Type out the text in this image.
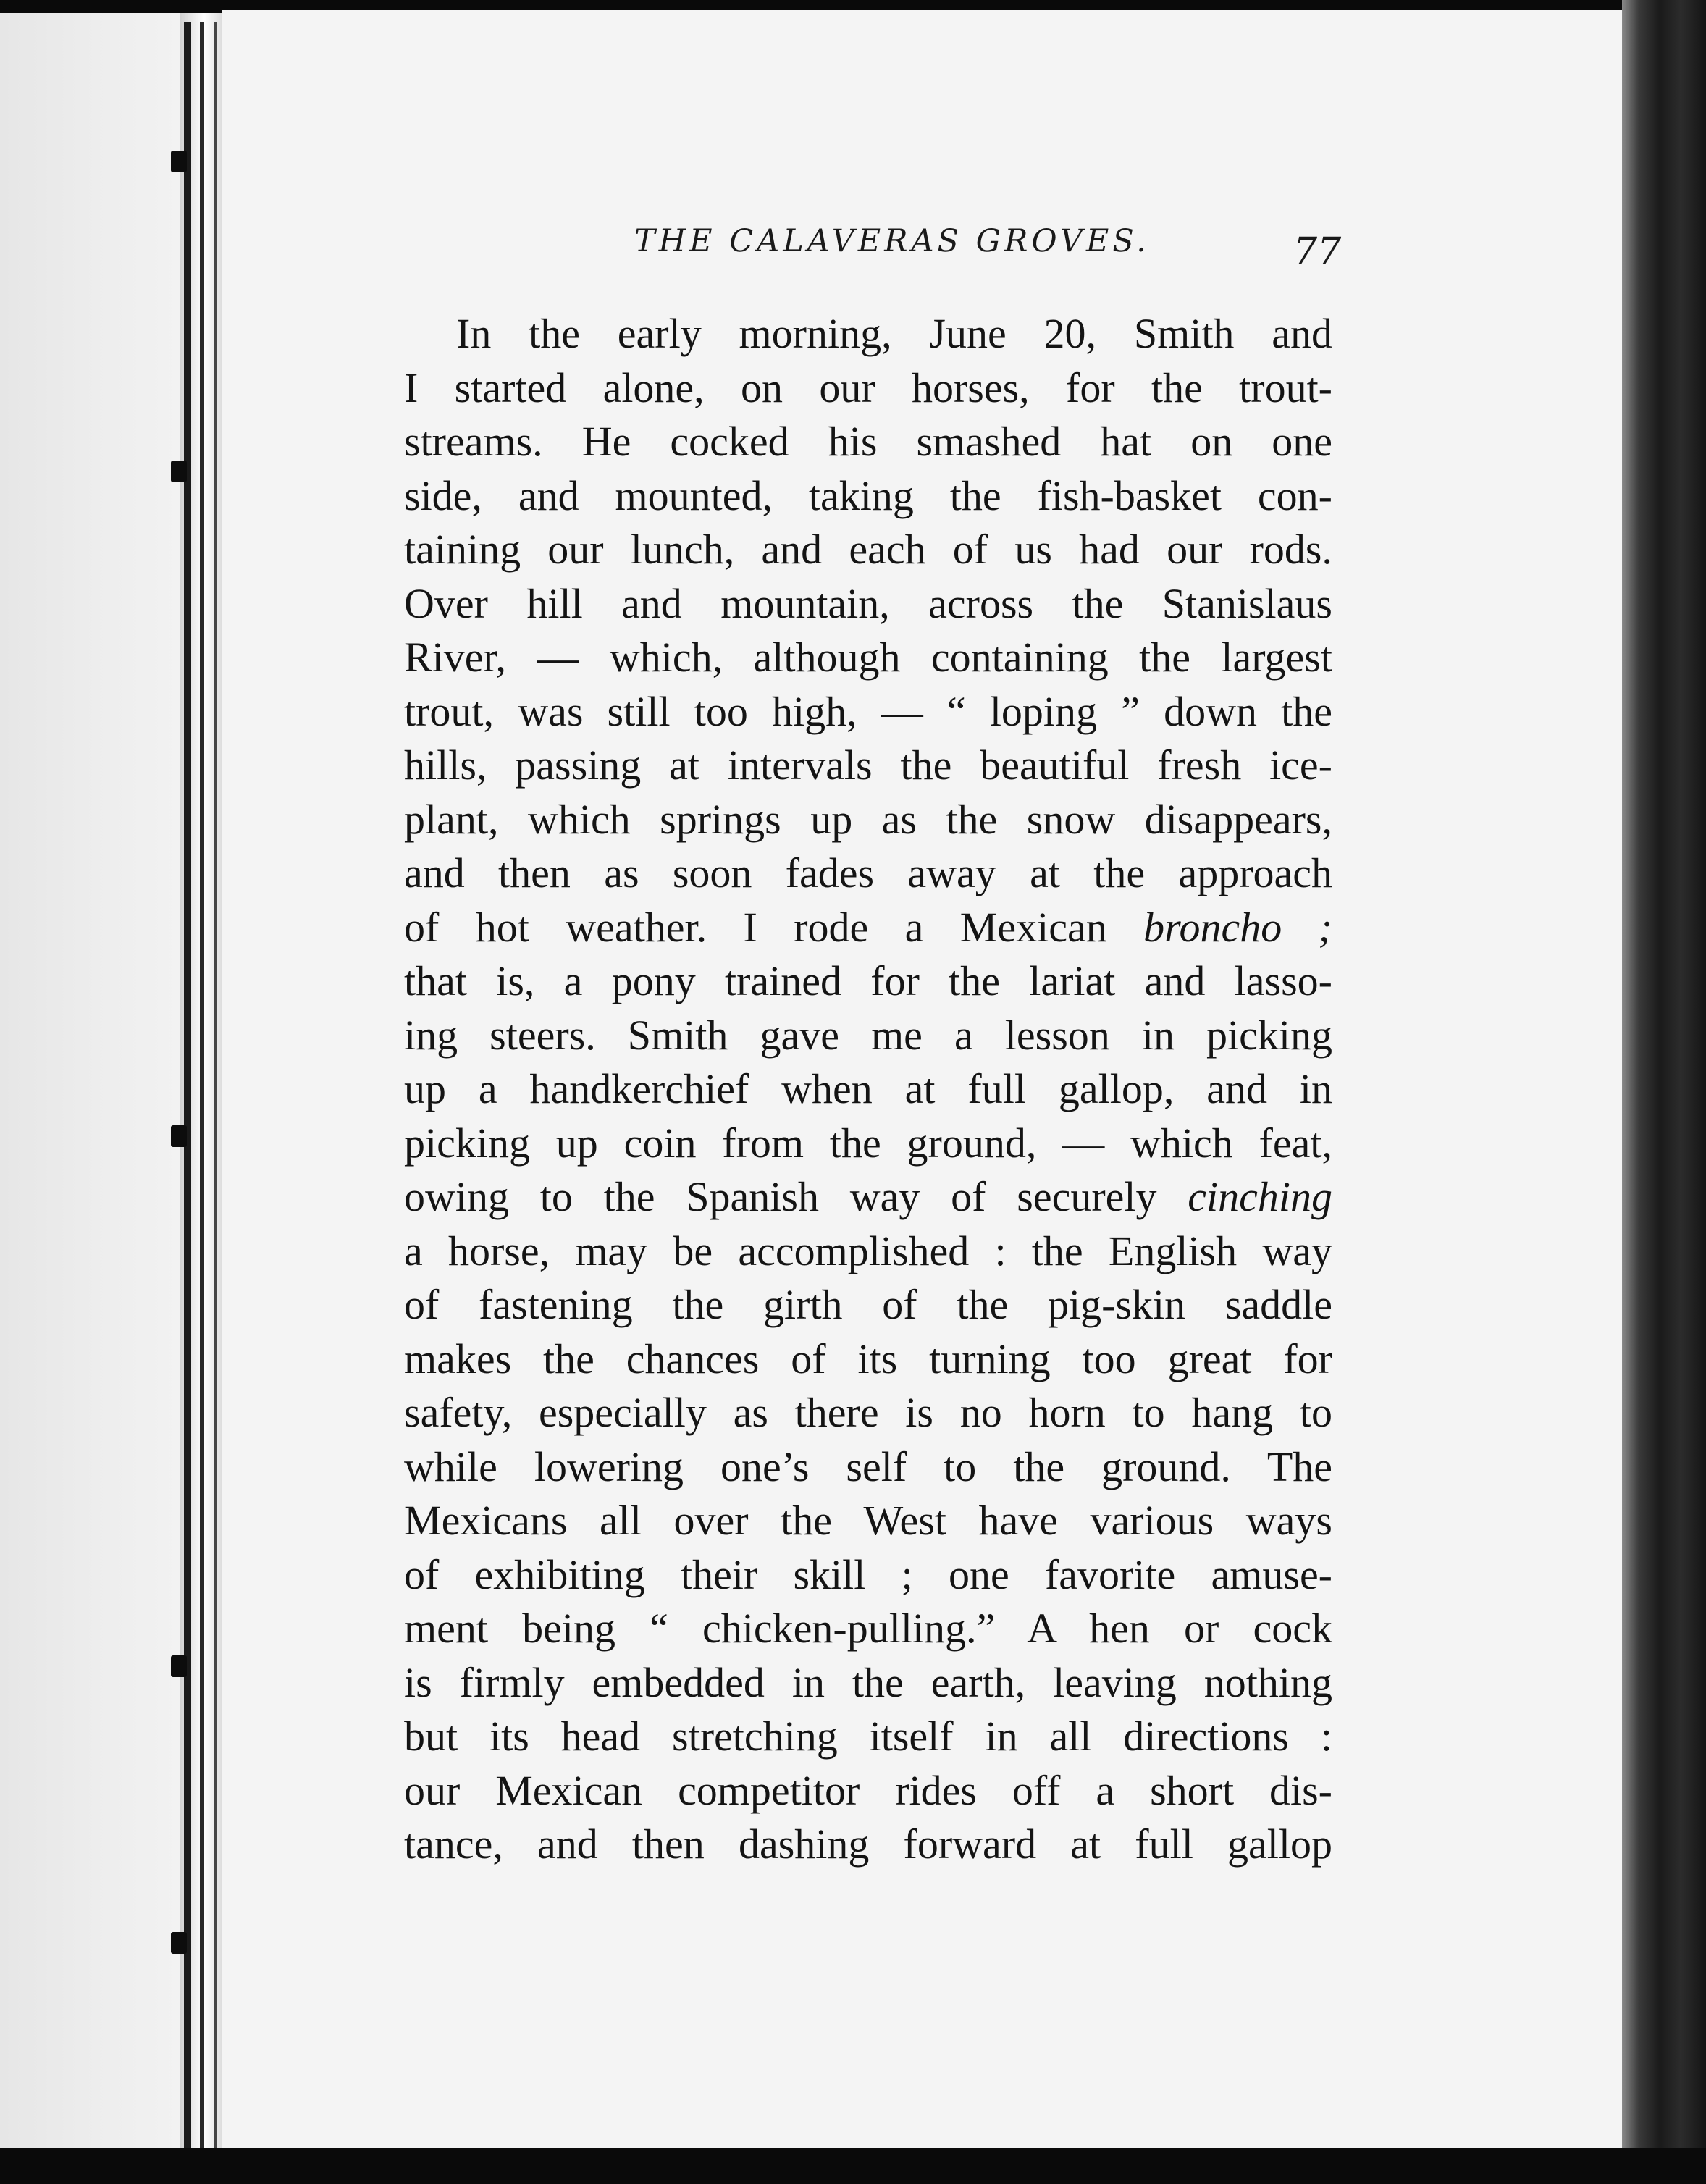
THE CALAVERAS GROVES.	77
In the early morning, June 20, Smith and
I started alone, on our horses, for the trout-
streams. He cocked his smashed hat on one
side, and mounted, taking the fish-basket con-
taining our lunch, and each of us had our rods.
Over hill and mountain, across the Stanislaus
River, — which, although containing the largest
trout, was still too high, — “ loping ” down the
hills, passing at intervals the beautiful fresh ice-
plant, which springs up as the snow disappears,
and then as soon fades away at the approach
of hot weather. I rode a Mexican broncho ;
that is, a pony trained for the lariat and lasso-
ing steers. Smith gave me a lesson in picking
up a handkerchief when at full gallop, and in
picking up coin from the ground, — which feat,
owing to the Spanish way of securely cinching
a horse, may be accomplished : the English way
of fastening the girth of the pig-skin saddle
makes the chances of its turning too great for
safety, especially as there is no horn to hang to
while lowering one’s self to the ground. The
Mexicans all over the West have various ways
of exhibiting their skill ; one favorite amuse-
ment being “ chicken-pulling.” A hen or cock
is firmly embedded in the earth, leaving nothing
but its head stretching itself in all directions :
our Mexican competitor rides off a short dis-
tance, and then dashing forward at full gallop
